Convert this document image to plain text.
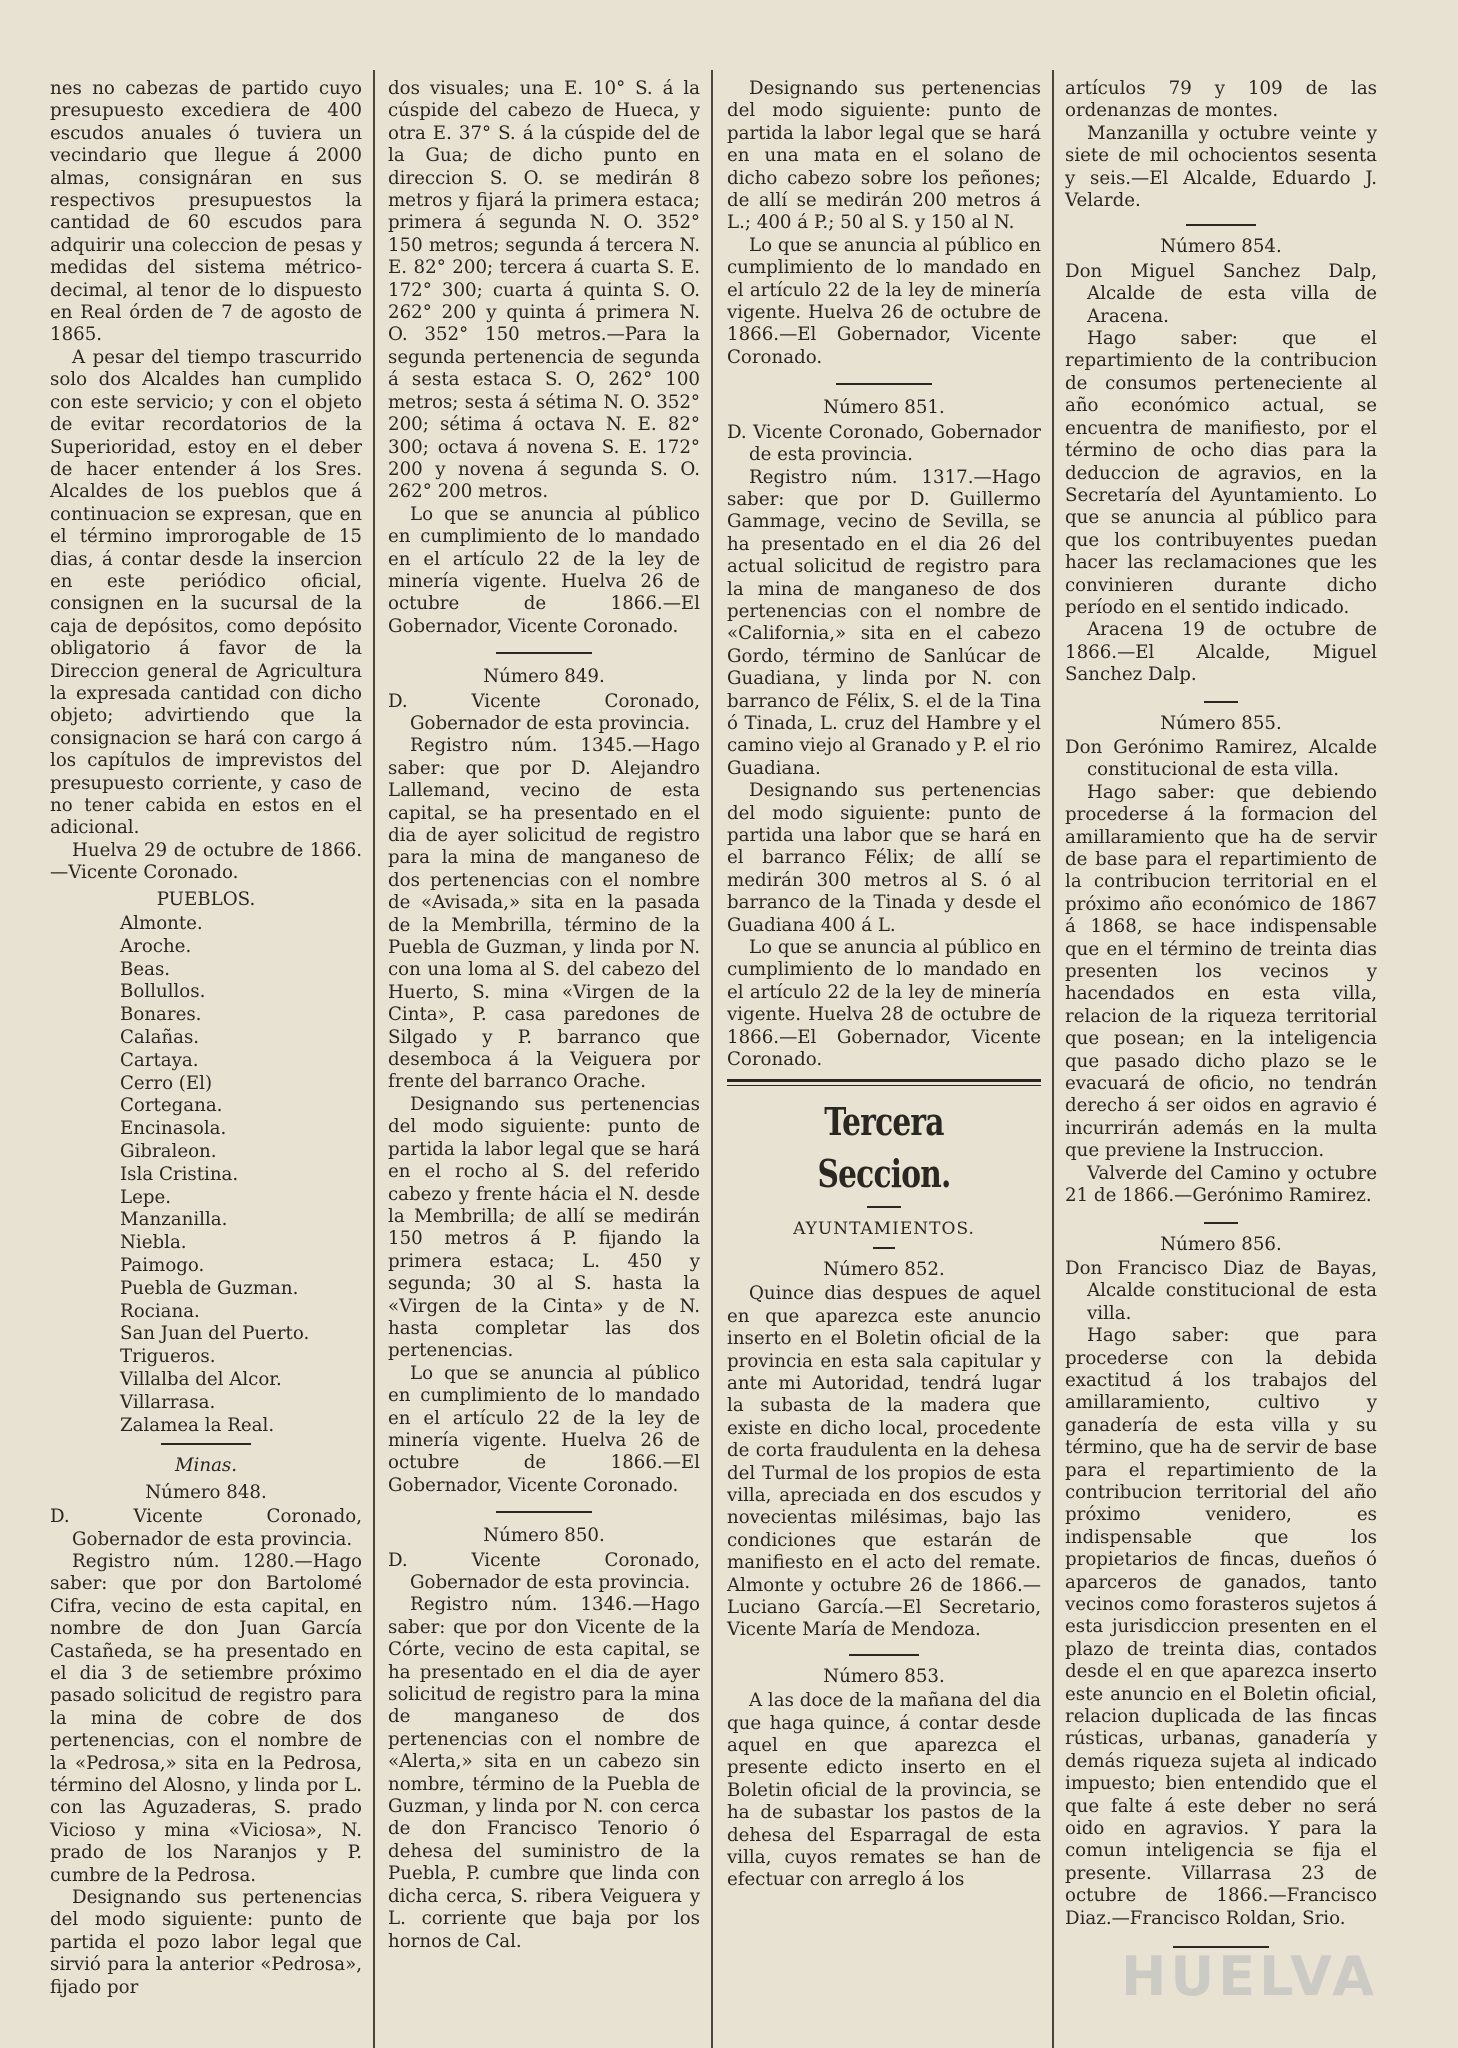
nes no cabezas de partido cuyo presupuesto excediera de 400 escudos anuales ó tuviera un vecindario que llegue á 2000 almas, consignáran en sus respectivos presupuestos la cantidad de 60 escudos para adquirir una coleccion de pesas y medidas del sistema métrico-decimal, al tenor de lo dispuesto en Real órden de 7 de agosto de 1865.

A pesar del tiempo trascurrido solo dos Alcaldes han cumplido con este servicio; y con el objeto de evitar recordatorios de la Superioridad, estoy en el deber de hacer entender á los Sres. Alcaldes de los pueblos que á continuacion se expresan, que en el término improrogable de 15 dias, á contar desde la insercion en este periódico oficial, consignen en la sucursal de la caja de depósitos, como depósito obligatorio á favor de la Direccion general de Agricultura la expresada cantidad con dicho objeto; advirtiendo que la consignacion se hará con cargo á los capítulos de imprevistos del presupuesto corriente, y caso de no tener cabida en estos en el adicional.

Huelva 29 de octubre de 1866.—Vicente Coronado.

PUEBLOS.
Almonte.
Aroche.
Beas.
Bollullos.
Bonares.
Calañas.
Cartaya.
Cerro (El)
Cortegana.
Encinasola.
Gibraleon.
Isla Cristina.
Lepe.
Manzanilla.
Niebla.
Paimogo.
Puebla de Guzman.
Rociana.
San Juan del Puerto.
Trigueros.
Villalba del Alcor.
Villarrasa.
Zalamea la Real.
Minas.
Número 848.

D. Vicente Coronado, Gobernador de esta provincia.

Registro núm. 1280.—Hago saber: que por don Bartolomé Cifra, vecino de esta capital, en nombre de don Juan García Castañeda, se ha presentado en el dia 3 de setiembre próximo pasado solicitud de registro para la mina de cobre de dos pertenencias, con el nombre de la «Pedrosa,» sita en la Pedrosa, término del Alosno, y linda por L. con las Aguzaderas, S. prado Vicioso y mina «Viciosa», N. prado de los Naranjos y P. cumbre de la Pedrosa.

Designando sus pertenencias del modo siguiente: punto de partida el pozo labor legal que sirvió para la anterior «Pedrosa», fijado por

dos visuales; una E. 10° S. á la cúspide del cabezo de Hueca, y otra E. 37° S. á la cúspide del de la Gua; de dicho punto en direccion S. O. se medirán 8 metros y fijará la primera estaca; primera á segunda N. O. 352° 150 metros; segunda á tercera N. E. 82° 200; tercera á cuarta S. E. 172° 300; cuarta á quinta S. O. 262° 200 y quinta á primera N. O. 352° 150 metros.—Para la segunda pertenencia de segunda á sesta estaca S. O, 262° 100 metros; sesta á sétima N. O. 352° 200; sétima á octava N. E. 82° 300; octava á novena S. E. 172° 200 y novena á segunda S. O. 262° 200 metros.

Lo que se anuncia al público en cumplimiento de lo mandado en el artículo 22 de la ley de minería vigente. Huelva 26 de octubre de 1866.—El Gobernador, Vicente Coronado.

Número 849.

D. Vicente Coronado, Gobernador de esta provincia.

Registro núm. 1345.—Hago saber: que por D. Alejandro Lallemand, vecino de esta capital, se ha presentado en el dia de ayer solicitud de registro para la mina de manganeso de dos pertenencias con el nombre de «Avisada,» sita en la pasada de la Membrilla, término de la Puebla de Guzman, y linda por N. con una loma al S. del cabezo del Huerto, S. mina «Virgen de la Cinta», P. casa paredones de Silgado y P. barranco que desemboca á la Veiguera por frente del barranco Orache.

Designando sus pertenencias del modo siguiente: punto de partida la labor legal que se hará en el rocho al S. del referido cabezo y frente hácia el N. desde la Membrilla; de allí se medirán 150 metros á P. fijando la primera estaca; L. 450 y segunda; 30 al S. hasta la «Virgen de la Cinta» y de N. hasta completar las dos pertenencias.

Lo que se anuncia al público en cumplimiento de lo mandado en el artículo 22 de la ley de minería vigente. Huelva 26 de octubre de 1866.—El Gobernador, Vicente Coronado.

Número 850.

D. Vicente Coronado, Gobernador de esta provincia.

Registro núm. 1346.—Hago saber: que por don Vicente de la Córte, vecino de esta capital, se ha presentado en el dia de ayer solicitud de registro para la mina de manganeso de dos pertenencias con el nombre de «Alerta,» sita en un cabezo sin nombre, término de la Puebla de Guzman, y linda por N. con cerca de don Francisco Tenorio ó dehesa del suministro de la Puebla, P. cumbre que linda con dicha cerca, S. ribera Veiguera y L. corriente que baja por los hornos de Cal.

Designando sus pertenencias del modo siguiente: punto de partida la labor legal que se hará en una mata en el solano de dicho cabezo sobre los peñones; de allí se medirán 200 metros á L.; 400 á P.; 50 al S. y 150 al N.

Lo que se anuncia al público en cumplimiento de lo mandado en el artículo 22 de la ley de minería vigente. Huelva 26 de octubre de 1866.—El Gobernador, Vicente Coronado.

Número 851.

D. Vicente Coronado, Gobernador de esta provincia.

Registro núm. 1317.—Hago saber: que por D. Guillermo Gammage, vecino de Sevilla, se ha presentado en el dia 26 del actual solicitud de registro para la mina de manganeso de dos pertenencias con el nombre de «California,» sita en el cabezo Gordo, término de Sanlúcar de Guadiana, y linda por N. con barranco de Félix, S. el de la Tina ó Tinada, L. cruz del Hambre y el camino viejo al Granado y P. el rio Guadiana.

Designando sus pertenencias del modo siguiente: punto de partida una labor que se hará en el barranco Félix; de allí se medirán 300 metros al S. ó al barranco de la Tinada y desde el Guadiana 400 á L.

Lo que se anuncia al público en cumplimiento de lo mandado en el artículo 22 de la ley de minería vigente. Huelva 28 de octubre de 1866.—El Gobernador, Vicente Coronado.

Tercera Seccion.
AYUNTAMIENTOS.
Número 852.

Quince dias despues de aquel en que aparezca este anuncio inserto en el Boletin oficial de la provincia en esta sala capitular y ante mi Autoridad, tendrá lugar la subasta de la madera que existe en dicho local, procedente de corta fraudulenta en la dehesa del Turmal de los propios de esta villa, apreciada en dos escudos y novecientas milésimas, bajo las condiciones que estarán de manifiesto en el acto del remate. Almonte y octubre 26 de 1866.—Luciano García.—El Secretario, Vicente María de Mendoza.

Número 853.

A las doce de la mañana del dia que haga quince, á contar desde aquel en que aparezca el presente edicto inserto en el Boletin oficial de la provincia, se ha de subastar los pastos de la dehesa del Esparragal de esta villa, cuyos remates se han de efectuar con arreglo á los

artículos 79 y 109 de las ordenanzas de montes.

Manzanilla y octubre veinte y siete de mil ochocientos sesenta y seis.—El Alcalde, Eduardo J. Velarde.

Número 854.

Don Miguel Sanchez Dalp, Alcalde de esta villa de Aracena.

Hago saber: que el repartimiento de la contribucion de consumos perteneciente al año económico actual, se encuentra de manifiesto, por el término de ocho dias para la deduccion de agravios, en la Secretaría del Ayuntamiento. Lo que se anuncia al público para que los contribuyentes puedan hacer las reclamaciones que les convinieren durante dicho período en el sentido indicado.

Aracena 19 de octubre de 1866.—El Alcalde, Miguel Sanchez Dalp.

Número 855.

Don Gerónimo Ramirez, Alcalde constitucional de esta villa.

Hago saber: que debiendo procederse á la formacion del amillaramiento que ha de servir de base para el repartimiento de la contribucion territorial en el próximo año económico de 1867 á 1868, se hace indispensable que en el término de treinta dias presenten los vecinos y hacendados en esta villa, relacion de la riqueza territorial que posean; en la inteligencia que pasado dicho plazo se le evacuará de oficio, no tendrán derecho á ser oidos en agravio é incurrirán además en la multa que previene la Instruccion.

Valverde del Camino y octubre 21 de 1866.—Gerónimo Ramirez.

Número 856.

Don Francisco Diaz de Bayas, Alcalde constitucional de esta villa.

Hago saber: que para procederse con la debida exactitud á los trabajos del amillaramiento, cultivo y ganadería de esta villa y su término, que ha de servir de base para el repartimiento de la contribucion territorial del año próximo venidero, es indispensable que los propietarios de fincas, dueños ó aparceros de ganados, tanto vecinos como forasteros sujetos á esta jurisdiccion presenten en el plazo de treinta dias, contados desde el en que aparezca inserto este anuncio en el Boletin oficial, relacion duplicada de las fincas rústicas, urbanas, ganadería y demás riqueza sujeta al indicado impuesto; bien entendido que el que falte á este deber no será oido en agravios. Y para la comun inteligencia se fija el presente. Villarrasa 23 de octubre de 1866.—Francisco Diaz.—Francisco Roldan, Srio.

HUELVA
